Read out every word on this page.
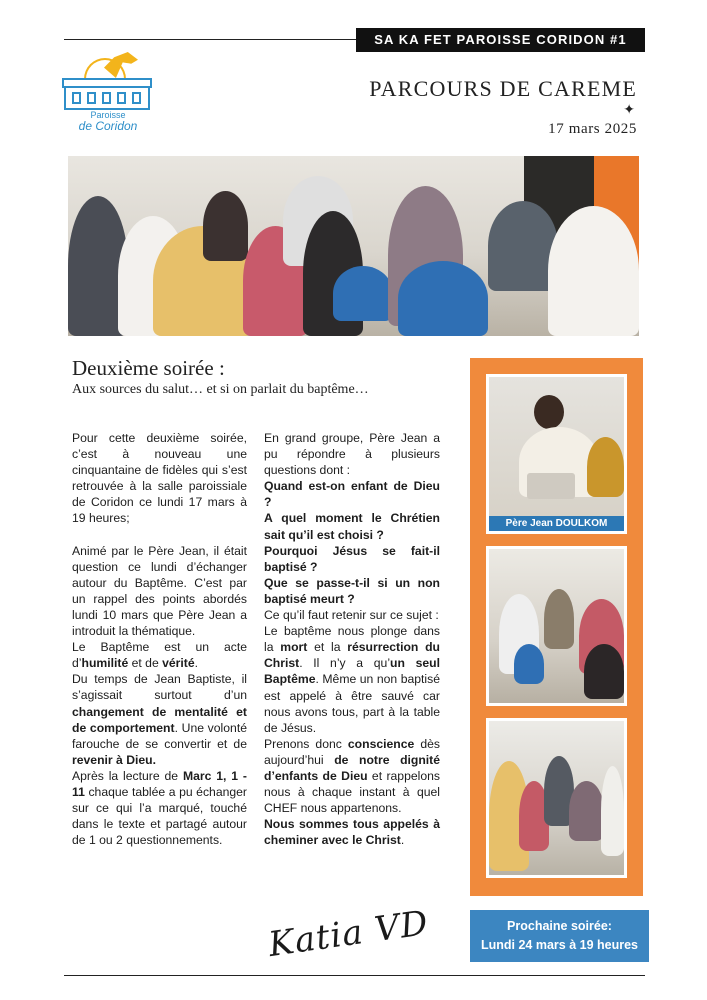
SA KA FET PAROISSE CORIDON #1
Paroisse
de Coridon
PARCOURS DE CAREME
✦
17 mars 2025
Deuxième soirée :
Aux sources du salut… et si on parlait du baptême…

Pour cette deuxième soirée, c’est à nouveau une cinquantaine de fidèles qui s’est retrouvée à la salle paroissiale de Coridon ce lundi 17 mars à 19 heures;

Animé par le Père Jean, il était question ce lundi d’échanger autour du Baptême. C’est par un rappel des points abordés lundi 10 mars que Père Jean a introduit la thématique.

Le Baptême est un acte d’humilité et de vérité.

Du temps de Jean Baptiste, il s’agissait surtout d’un changement de mentalité et de comportement. Une volonté farouche de se convertir et de revenir à Dieu.

Après la lecture de Marc 1, 1 - 11 chaque tablée a pu échanger sur ce qui l’a marqué, touché dans le texte et partagé autour de 1 ou 2 questionnements.

En grand groupe, Père Jean a pu répondre à plusieurs questions dont :

Quand est-on enfant de Dieu ?

A quel moment le Chrétien sait qu’il est choisi ?

Pourquoi Jésus se fait-il baptisé ?

Que se passe-t-il si un non baptisé meurt ?

Ce qu’il faut retenir sur ce sujet :

Le baptême nous plonge dans la mort et la résurrection du Christ. Il n’y a qu’un seul Baptême. Même un non baptisé est appelé à être sauvé car nous avons tous, part à la table de Jésus.

Prenons donc conscience dès aujourd’hui de notre dignité d’enfants de Dieu et rappelons nous à chaque instant à quel CHEF nous appartenons.

Nous sommes tous appelés à cheminer avec le Christ.

Père Jean DOULKOM
Katia VD	Prochaine soirée:
Lundi 24 mars à 19 heures
